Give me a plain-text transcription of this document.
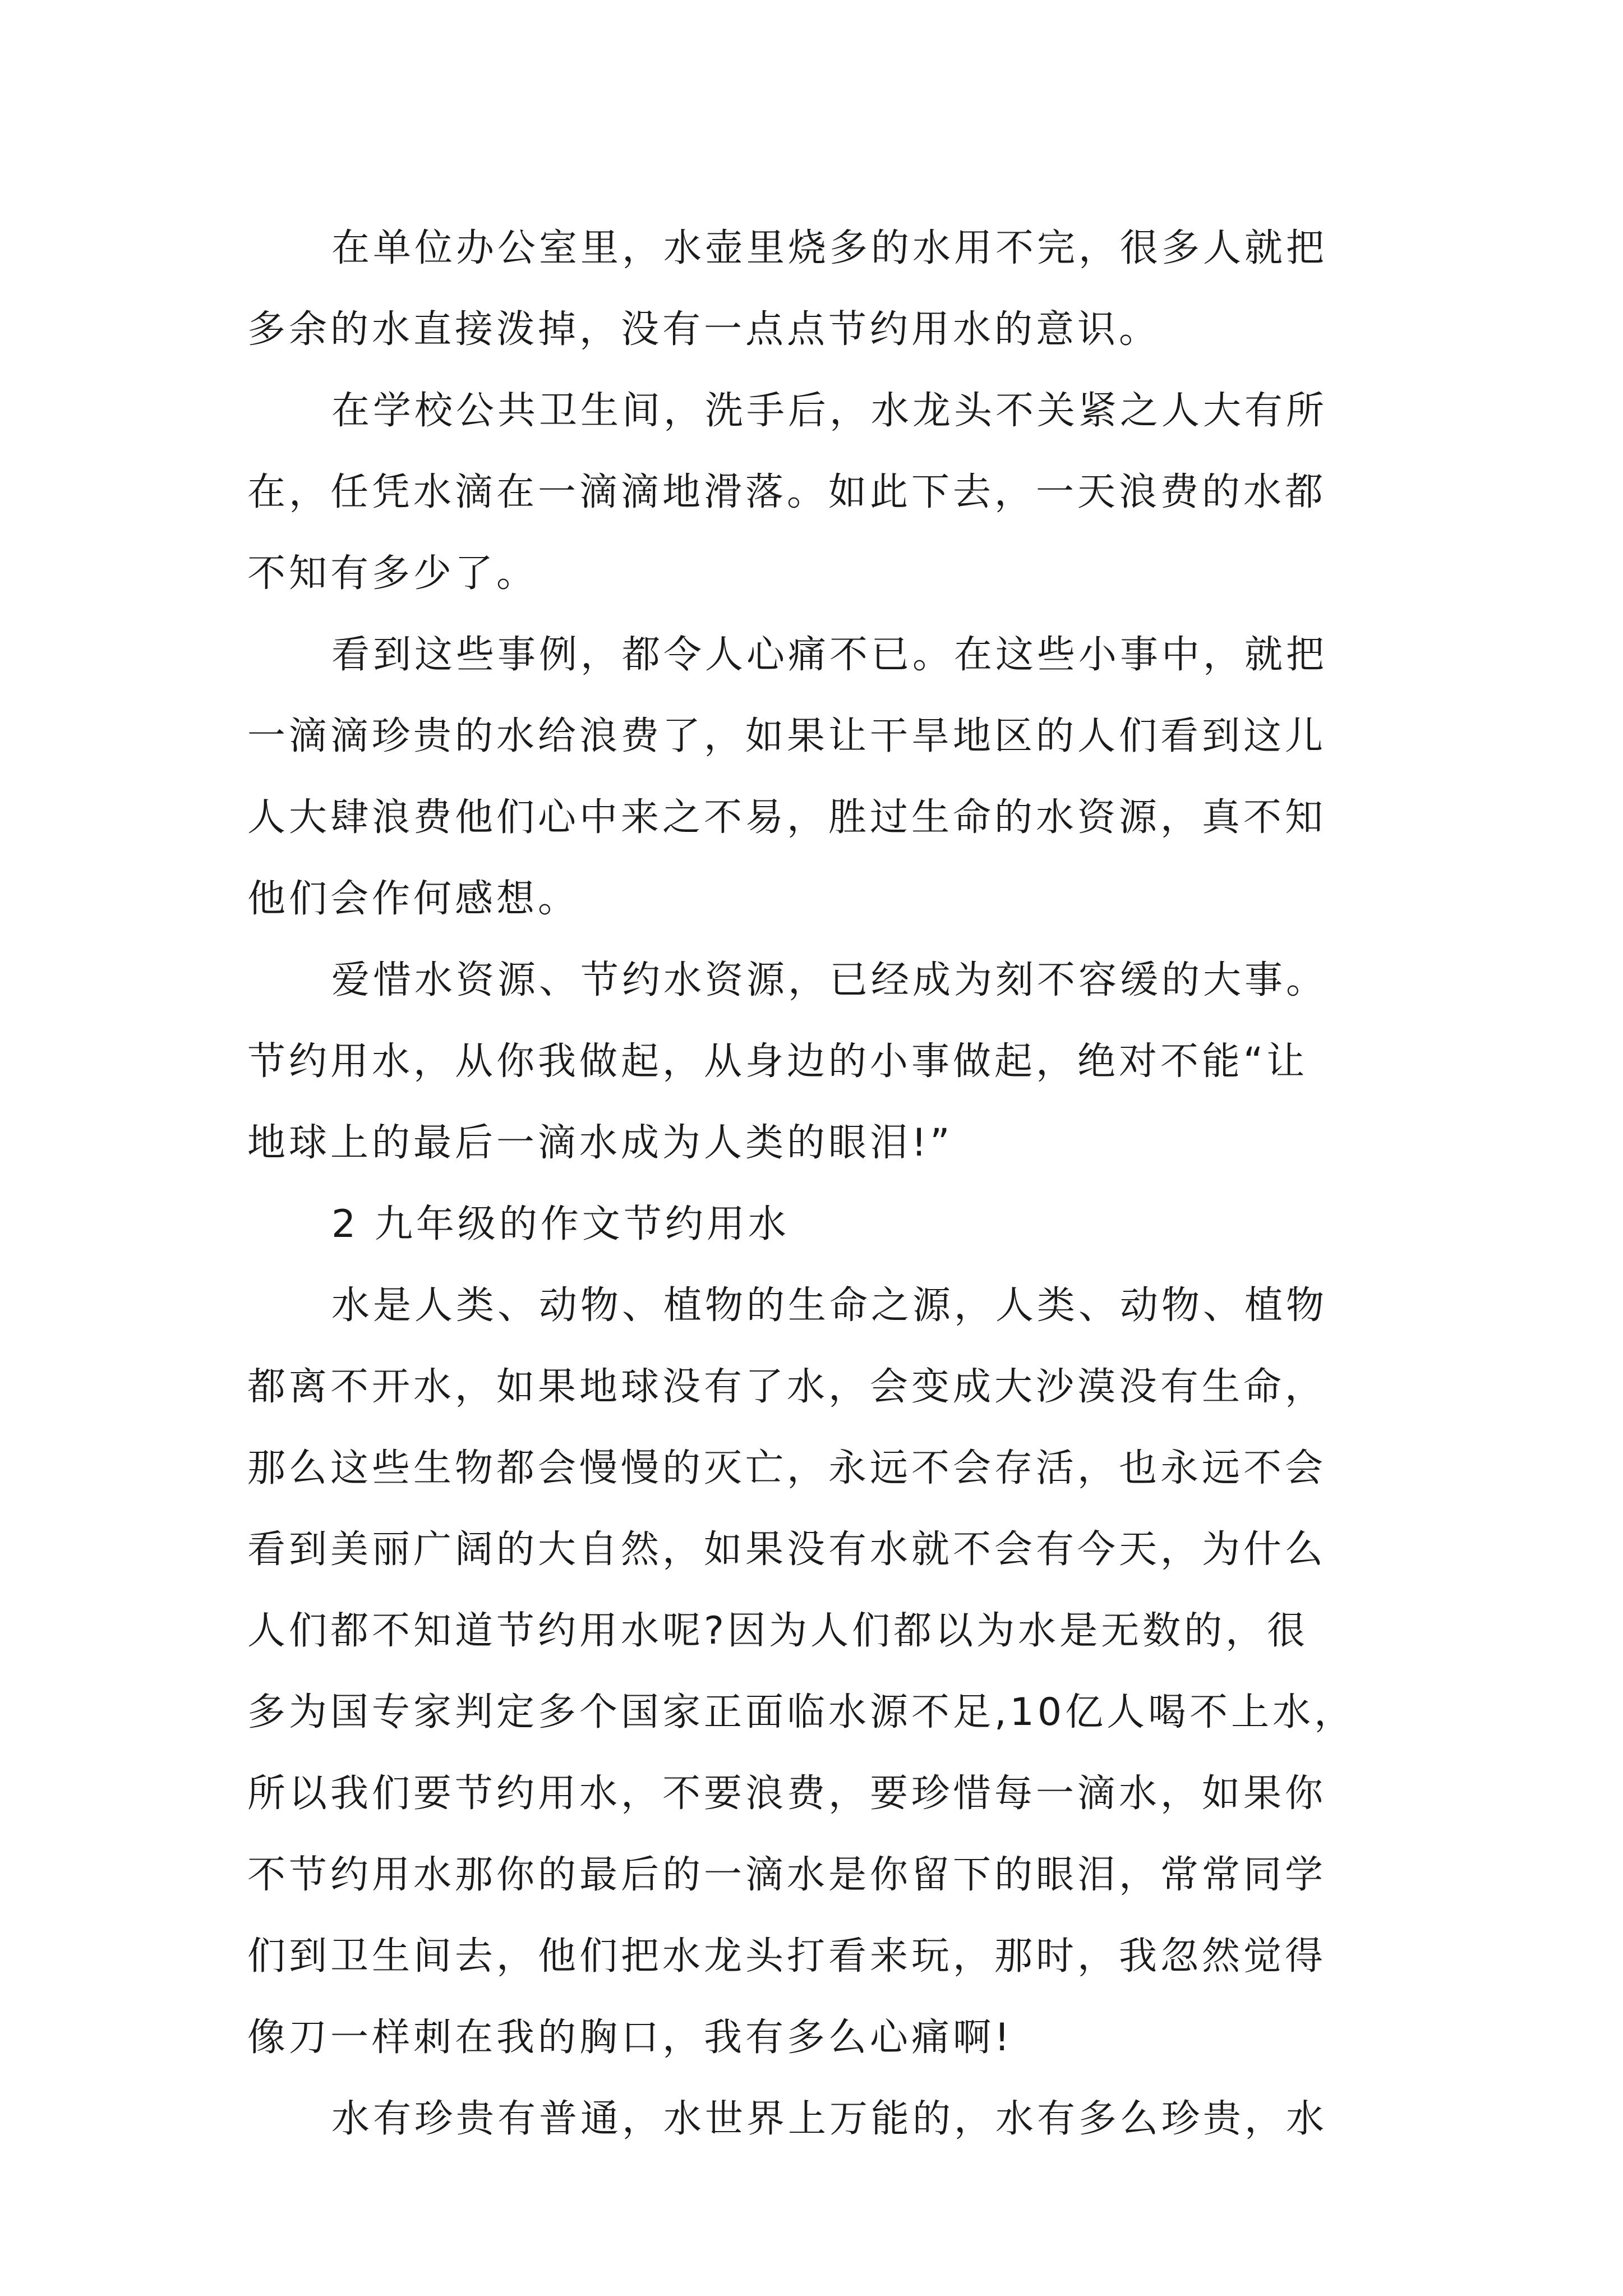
在单位办公室里，水壶里烧多的水用不完，很多人就把
多余的水直接泼掉，没有一点点节约用水的意识。
在学校公共卫生间，洗手后，水龙头不关紧之人大有所
在，任凭水滴在一滴滴地滑落。如此下去，一天浪费的水都
不知有多少了。
看到这些事例，都令人心痛不已。在这些小事中，就把
一滴滴珍贵的水给浪费了，如果让干旱地区的人们看到这儿
人大肆浪费他们心中来之不易，胜过生命的水资源，真不知
他们会作何感想。
爱惜水资源、节约水资源，已经成为刻不容缓的大事。
节约用水，从你我做起，从身边的小事做起，绝对不能“让
地球上的最后一滴水成为人类的眼泪!”
2 九年级的作文节约用水
水是人类、动物、植物的生命之源，人类、动物、植物
都离不开水，如果地球没有了水，会变成大沙漠没有生命，
那么这些生物都会慢慢的灭亡，永远不会存活，也永远不会
看到美丽广阔的大自然，如果没有水就不会有今天，为什么
人们都不知道节约用水呢?因为人们都以为水是无数的，很
多为国专家判定多个国家正面临水源不足,10亿人喝不上水，
所以我们要节约用水，不要浪费，要珍惜每一滴水，如果你
不节约用水那你的最后的一滴水是你留下的眼泪，常常同学
们到卫生间去，他们把水龙头打看来玩，那时，我忽然觉得
像刀一样刺在我的胸口，我有多么心痛啊!
水有珍贵有普通，水世界上万能的，水有多么珍贵，水
